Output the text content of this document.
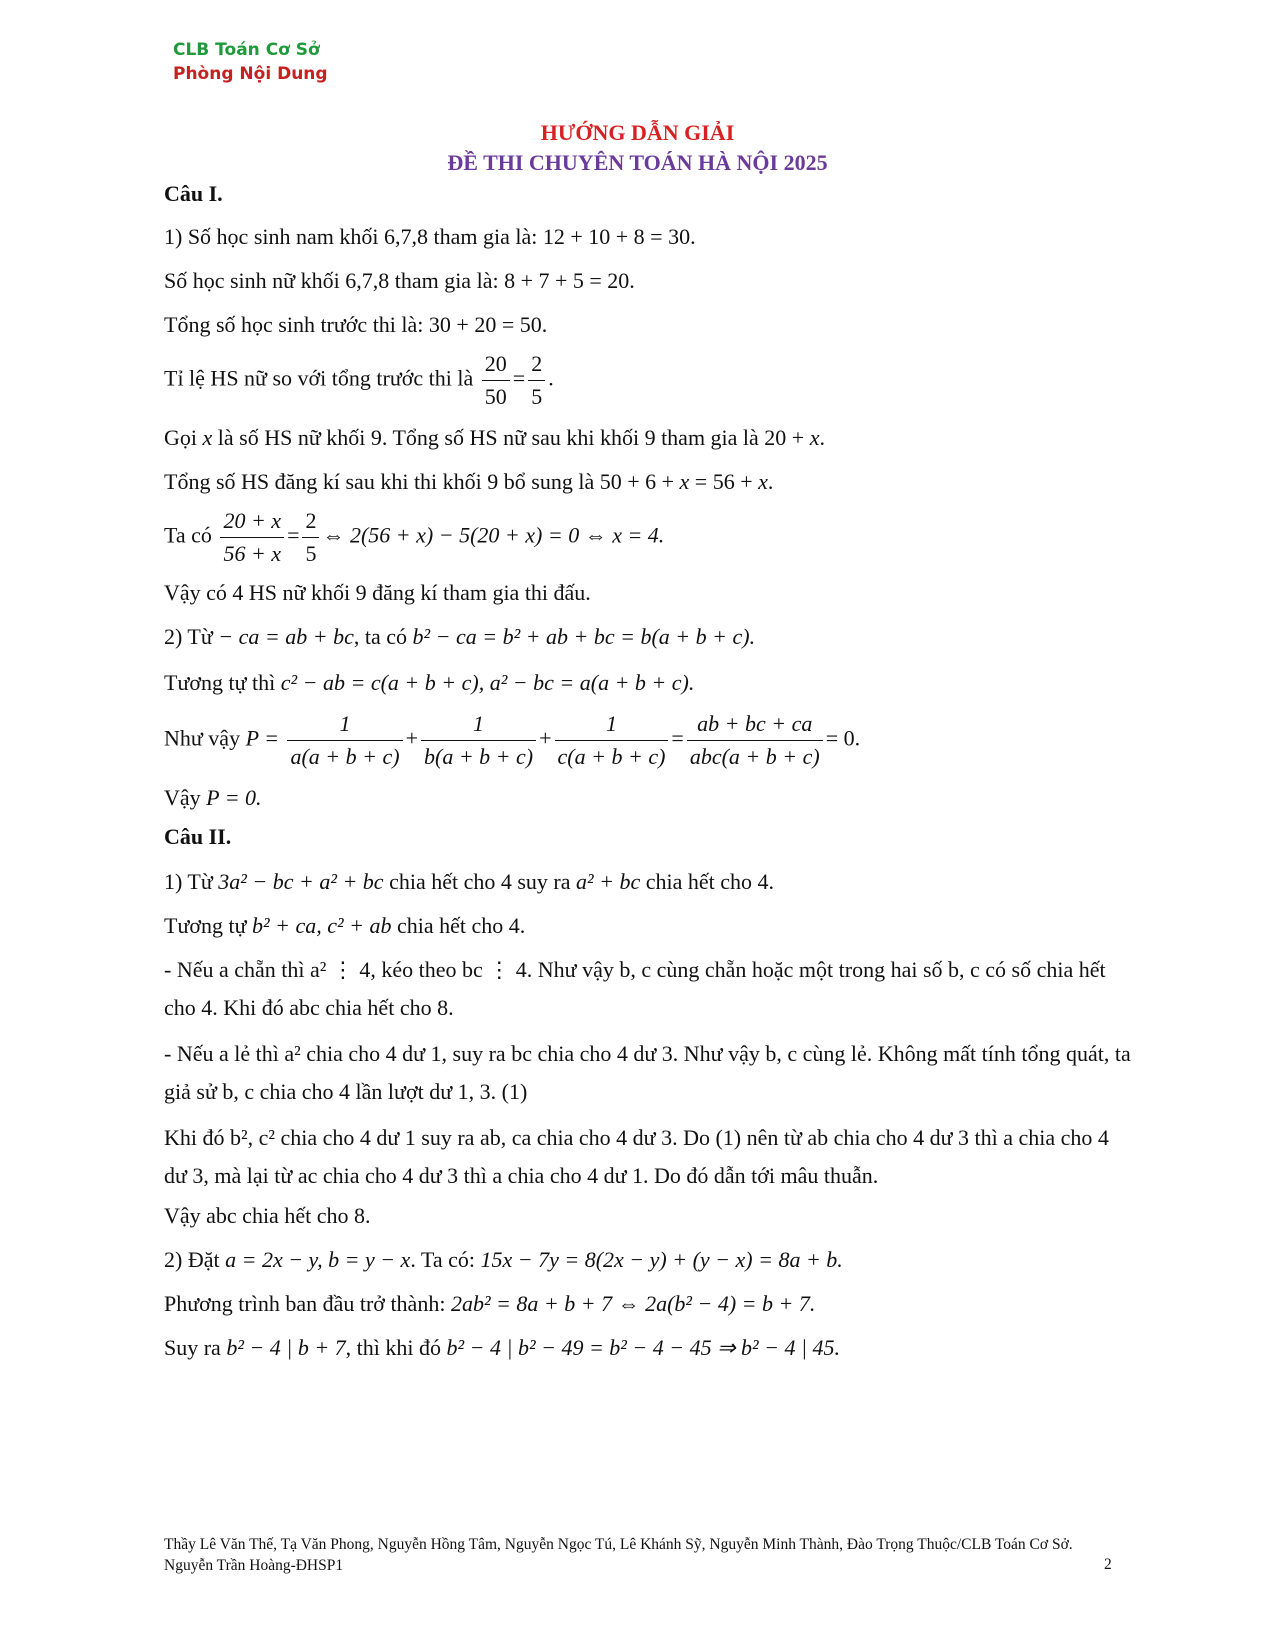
CLB Toán Cơ Sở
Phòng Nội Dung
HƯỚNG DẪN GIẢI
ĐỀ THI CHUYÊN TOÁN HÀ NỘI 2025
Câu I.
1) Số học sinh nam khối 6,7,8 tham gia là: 12 + 10 + 8 = 30.
Số học sinh nữ khối 6,7,8 tham gia là: 8 + 7 + 5 = 20.
Tổng số học sinh trước thi là: 30 + 20 = 50.
Tỉ lệ HS nữ so với tổng trước thi là $\frac{20}{50} = \frac{2}{5}$ .
Gọi x là số HS nữ khối 9. Tổng số HS nữ sau khi khối 9 tham gia là 20 + x.
Tổng số HS đăng kí sau khi thi khối 9 bổ sung là 50 + 6 + x = 56 + x.
Ta có $\frac{20 + x}{56 + x} = \frac{2}{5}$ ⇔ 2(56 + x) − 5(20 + x) = 0 ⇔ x = 4.
Vậy có 4 HS nữ khối 9 đăng kí tham gia thi đấu.
2) Từ − ca = ab + bc, ta có b² − ca = b² + ab + bc = b(a + b + c).
Tương tự thì c² − ab = c(a + b + c), a² − bc = a(a + b + c).
Như vậy $P = \frac{1}{a(a + b + c)} + \frac{1}{b(a + b + c)} + \frac{1}{c(a + b + c)} = \frac{ab + bc + ca}{\text{abc(a + b + c)}} = 0$.
Vậy P = 0.
Câu II.
1) Từ 3a² − bc + a² + bc chia hết cho 4 suy ra a² + bc chia hết cho 4.
Tương tự b² + ca, c² + ab chia hết cho 4.
- Nếu a chẵn thì a² ⋮ 4, kéo theo bc ⋮ 4. Như vậy b, c cùng chẵn hoặc một trong hai số b, c có số chia hết cho 4. Khi đó abc chia hết cho 8.
- Nếu a lẻ thì a² chia cho 4 dư 1, suy ra bc chia cho 4 dư 3. Như vậy b, c cùng lẻ. Không mất tính tổng quát, ta giả sử b, c chia cho 4 lần lượt dư 1, 3. (1)
Khi đó b², c² chia cho 4 dư 1 suy ra ab, ca chia cho 4 dư 3. Do (1) nên từ ab chia cho 4 dư 3 thì a chia cho 4 dư 3, mà lại từ ac chia cho 4 dư 3 thì a chia cho 4 dư 1. Do đó dẫn tới mâu thuẫn.
Vậy abc chia hết cho 8.
2) Đặt a = 2x − y, b = y − x. Ta có: 15x − 7y = 8(2x − y) + (y − x) = 8a + b.
Phương trình ban đầu trở thành: 2ab² = 8a + b + 7 ⇔ 2a(b² − 4) = b + 7.
Suy ra b² − 4 | b + 7, thì khi đó b² − 4 | b² − 49 = b² − 4 − 45 ⇒ b² − 4 | 45.
Thầy Lê Văn Thế, Tạ Văn Phong, Nguyễn Hồng Tâm, Nguyễn Ngọc Tú, Lê Khánh Sỹ, Nguyễn Minh Thành, Đào Trọng Thuộc/CLB Toán Cơ Sở. Nguyễn Trần Hoàng-ĐHSP1	2
